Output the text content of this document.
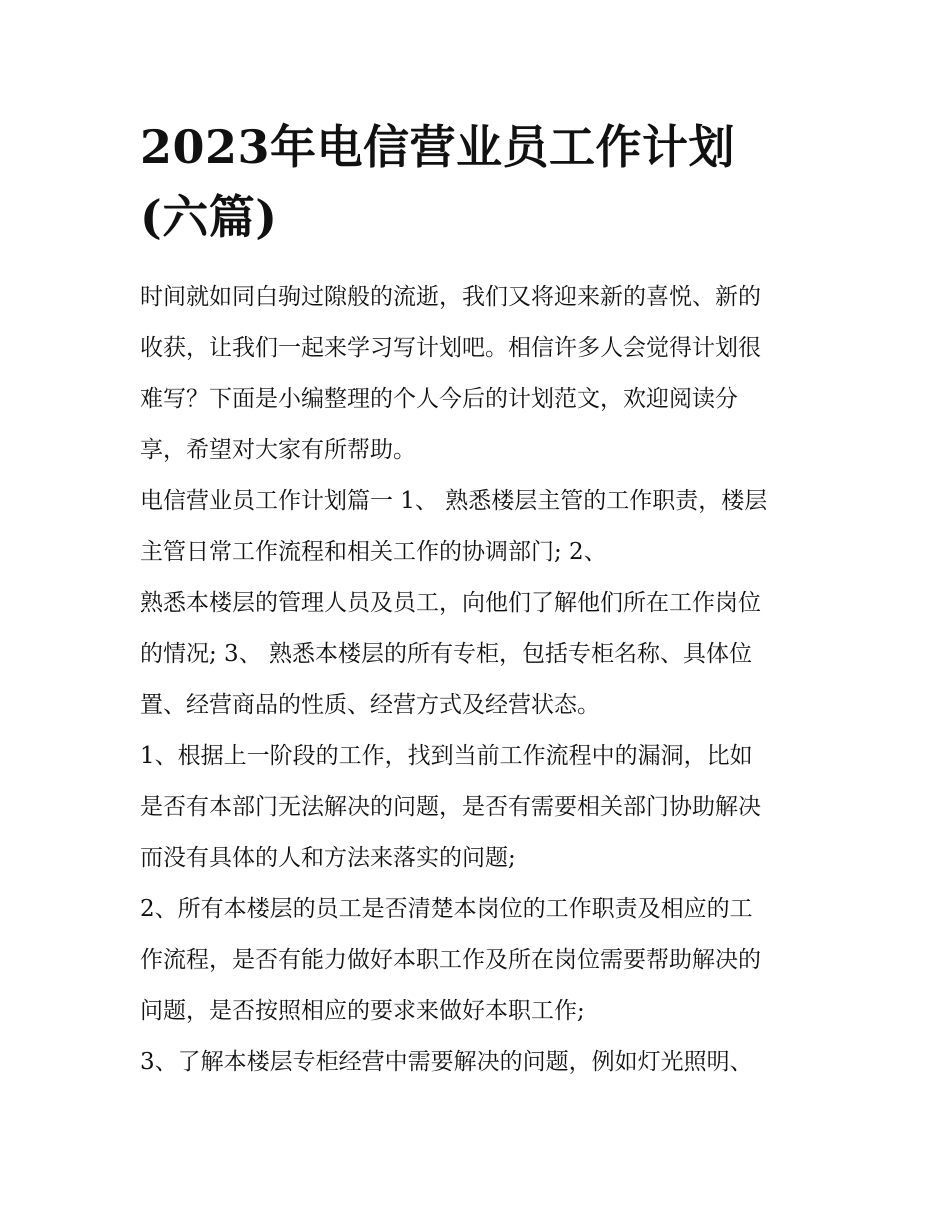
2023年电信营业员工作计划
(六篇)

时间就如同白驹过隙般的流逝，我们又将迎来新的喜悦、新的
收获，让我们一起来学习写计划吧。相信许多人会觉得计划很
难写？下面是小编整理的个人今后的计划范文，欢迎阅读分
享，希望对大家有所帮助。

电信营业员工作计划篇一 1、 熟悉楼层主管的工作职责，楼层
主管日常工作流程和相关工作的协调部门; 2、
熟悉本楼层的管理人员及员工，向他们了解他们所在工作岗位
的情况; 3、 熟悉本楼层的所有专柜，包括专柜名称、具体位
置、经营商品的性质、经营方式及经营状态。

1、根据上一阶段的工作，找到当前工作流程中的漏洞，比如
是否有本部门无法解决的问题，是否有需要相关部门协助解决
而没有具体的人和方法来落实的问题;

2、所有本楼层的员工是否清楚本岗位的工作职责及相应的工
作流程，是否有能力做好本职工作及所在岗位需要帮助解决的
问题，是否按照相应的要求来做好本职工作;

3、了解本楼层专柜经营中需要解决的问题，例如灯光照明、
